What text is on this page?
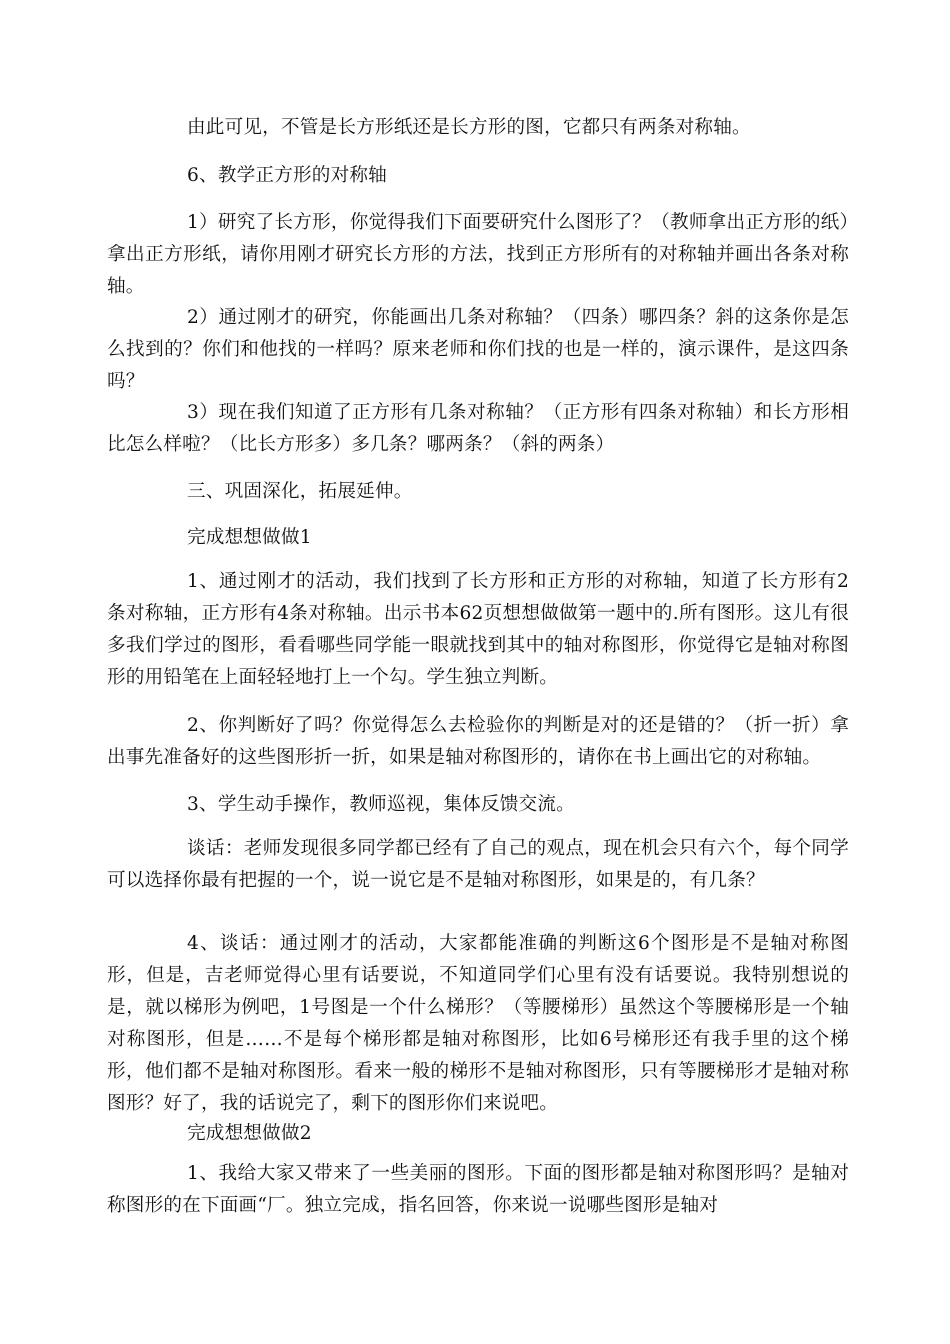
由此可见，不管是长方形纸还是长方形的图，它都只有两条对称轴。

6、教学正方形的对称轴

1）研究了长方形，你觉得我们下面要研究什么图形了？（教师拿出正方形的纸）拿出正方形纸，请你用刚才研究长方形的方法，找到正方形所有的对称轴并画出各条对称轴。

2）通过刚才的研究，你能画出几条对称轴？（四条）哪四条？斜的这条你是怎么找到的？你们和他找的一样吗？原来老师和你们找的也是一样的，演示课件，是这四条吗？

3）现在我们知道了正方形有几条对称轴？（正方形有四条对称轴）和长方形相比怎么样啦？（比长方形多）多几条？哪两条？（斜的两条）

三、巩固深化，拓展延伸。

完成想想做做1

1、通过刚才的活动，我们找到了长方形和正方形的对称轴，知道了长方形有2条对称轴，正方形有4条对称轴。出示书本62页想想做做第一题中的.所有图形。这儿有很多我们学过的图形，看看哪些同学能一眼就找到其中的轴对称图形，你觉得它是轴对称图形的用铅笔在上面轻轻地打上一个勾。学生独立判断。

2、你判断好了吗？你觉得怎么去检验你的判断是对的还是错的？（折一折）拿出事先准备好的这些图形折一折，如果是轴对称图形的，请你在书上画出它的对称轴。

3、学生动手操作，教师巡视，集体反馈交流。

谈话：老师发现很多同学都已经有了自己的观点，现在机会只有六个，每个同学可以选择你最有把握的一个，说一说它是不是轴对称图形，如果是的，有几条？

4、谈话：通过刚才的活动，大家都能准确的判断这6个图形是不是轴对称图形，但是，吉老师觉得心里有话要说，不知道同学们心里有没有话要说。我特别想说的是，就以梯形为例吧，1号图是一个什么梯形？（等腰梯形）虽然这个等腰梯形是一个轴对称图形，但是……不是每个梯形都是轴对称图形，比如6号梯形还有我手里的这个梯形，他们都不是轴对称图形。看来一般的梯形不是轴对称图形，只有等腰梯形才是轴对称图形？好了，我的话说完了，剩下的图形你们来说吧。

完成想想做做2

1、我给大家又带来了一些美丽的图形。下面的图形都是轴对称图形吗？是轴对称图形的在下面画“厂。独立完成，指名回答，你来说一说哪些图形是轴对
